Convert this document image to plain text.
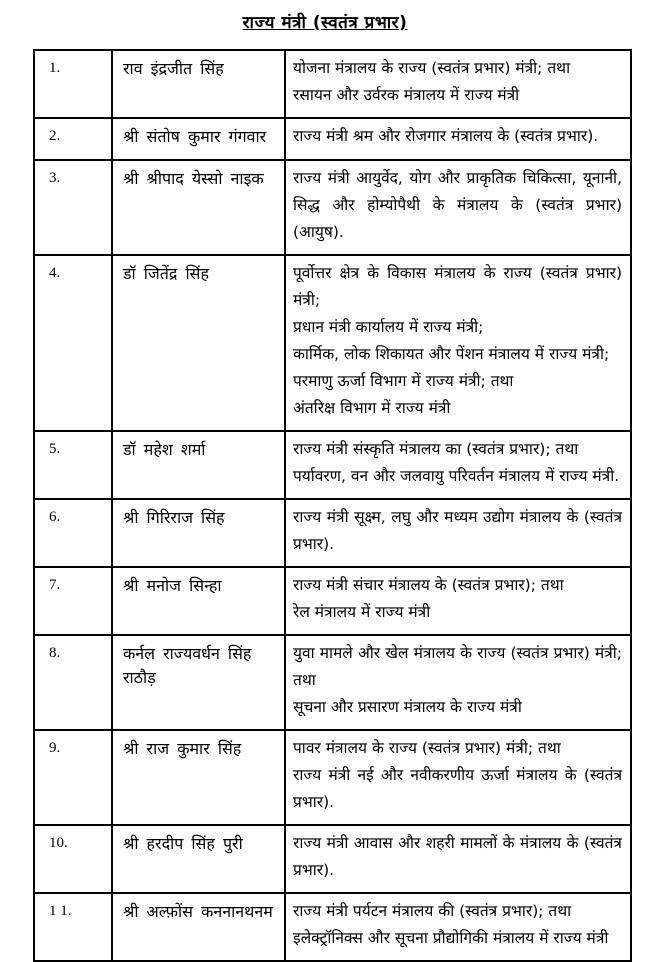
राज्य मंत्री (स्वतंत्र प्रभार)
1.	राव इंद्रजीत सिंह	योजना मंत्रालय के राज्य (स्वतंत्र प्रभार) मंत्री; तथा
रसायन और उर्वरक मंत्रालय में राज्य मंत्री

2.	श्री संतोष कुमार गंगवार	राज्य मंत्री श्रम और रोजगार मंत्रालय के (स्वतंत्र प्रभार).

3.	श्री श्रीपाद येस्सो नाइक	राज्य मंत्री आयुर्वेद, योग और प्राकृतिक चिकित्सा, यूनानी, सिद्ध और होम्योपैथी के मंत्रालय के (स्वतंत्र प्रभार) (आयुष).

4.	डॉ जितेंद्र सिंह	पूर्वोत्तर क्षेत्र के विकास मंत्रालय के राज्य (स्वतंत्र प्रभार) मंत्री;
प्रधान मंत्री कार्यालय में राज्य मंत्री;
कार्मिक, लोक शिकायत और पेंशन मंत्रालय में राज्य मंत्री;
परमाणु ऊर्जा विभाग में राज्य मंत्री; तथा
अंतरिक्ष विभाग में राज्य मंत्री

5.	डॉ महेश शर्मा	राज्य मंत्री संस्कृति मंत्रालय का (स्वतंत्र प्रभार); तथा
पर्यावरण, वन और जलवायु परिवर्तन मंत्रालय में राज्य मंत्री.

6.	श्री गिरिराज सिंह	राज्य मंत्री सूक्ष्म, लघु और मध्यम उद्योग मंत्रालय के (स्वतंत्र प्रभार).

7.	श्री मनोज सिन्हा	राज्य मंत्री संचार मंत्रालय के (स्वतंत्र प्रभार); तथा
रेल मंत्रालय में राज्य मंत्री

8.	कर्नल राज्यवर्धन सिंह राठौड़	युवा मामले और खेल मंत्रालय के राज्य (स्वतंत्र प्रभार) मंत्री; तथा
सूचना और प्रसारण मंत्रालय के राज्य मंत्री

9.	श्री राज कुमार सिंह	पावर मंत्रालय के राज्य (स्वतंत्र प्रभार) मंत्री; तथा
राज्य मंत्री नई और नवीकरणीय ऊर्जा मंत्रालय के (स्वतंत्र प्रभार).

10.	श्री हरदीप सिंह पुरी	राज्य मंत्री आवास और शहरी मामलों के मंत्रालय के (स्वतंत्र प्रभार).

1 1.	श्री अल्फ़ोंस कननानथनम	राज्य मंत्री पर्यटन मंत्रालय की (स्वतंत्र प्रभार); तथा
इलेक्ट्रॉनिक्स और सूचना प्रौद्योगिकी मंत्रालय में राज्य मंत्री
